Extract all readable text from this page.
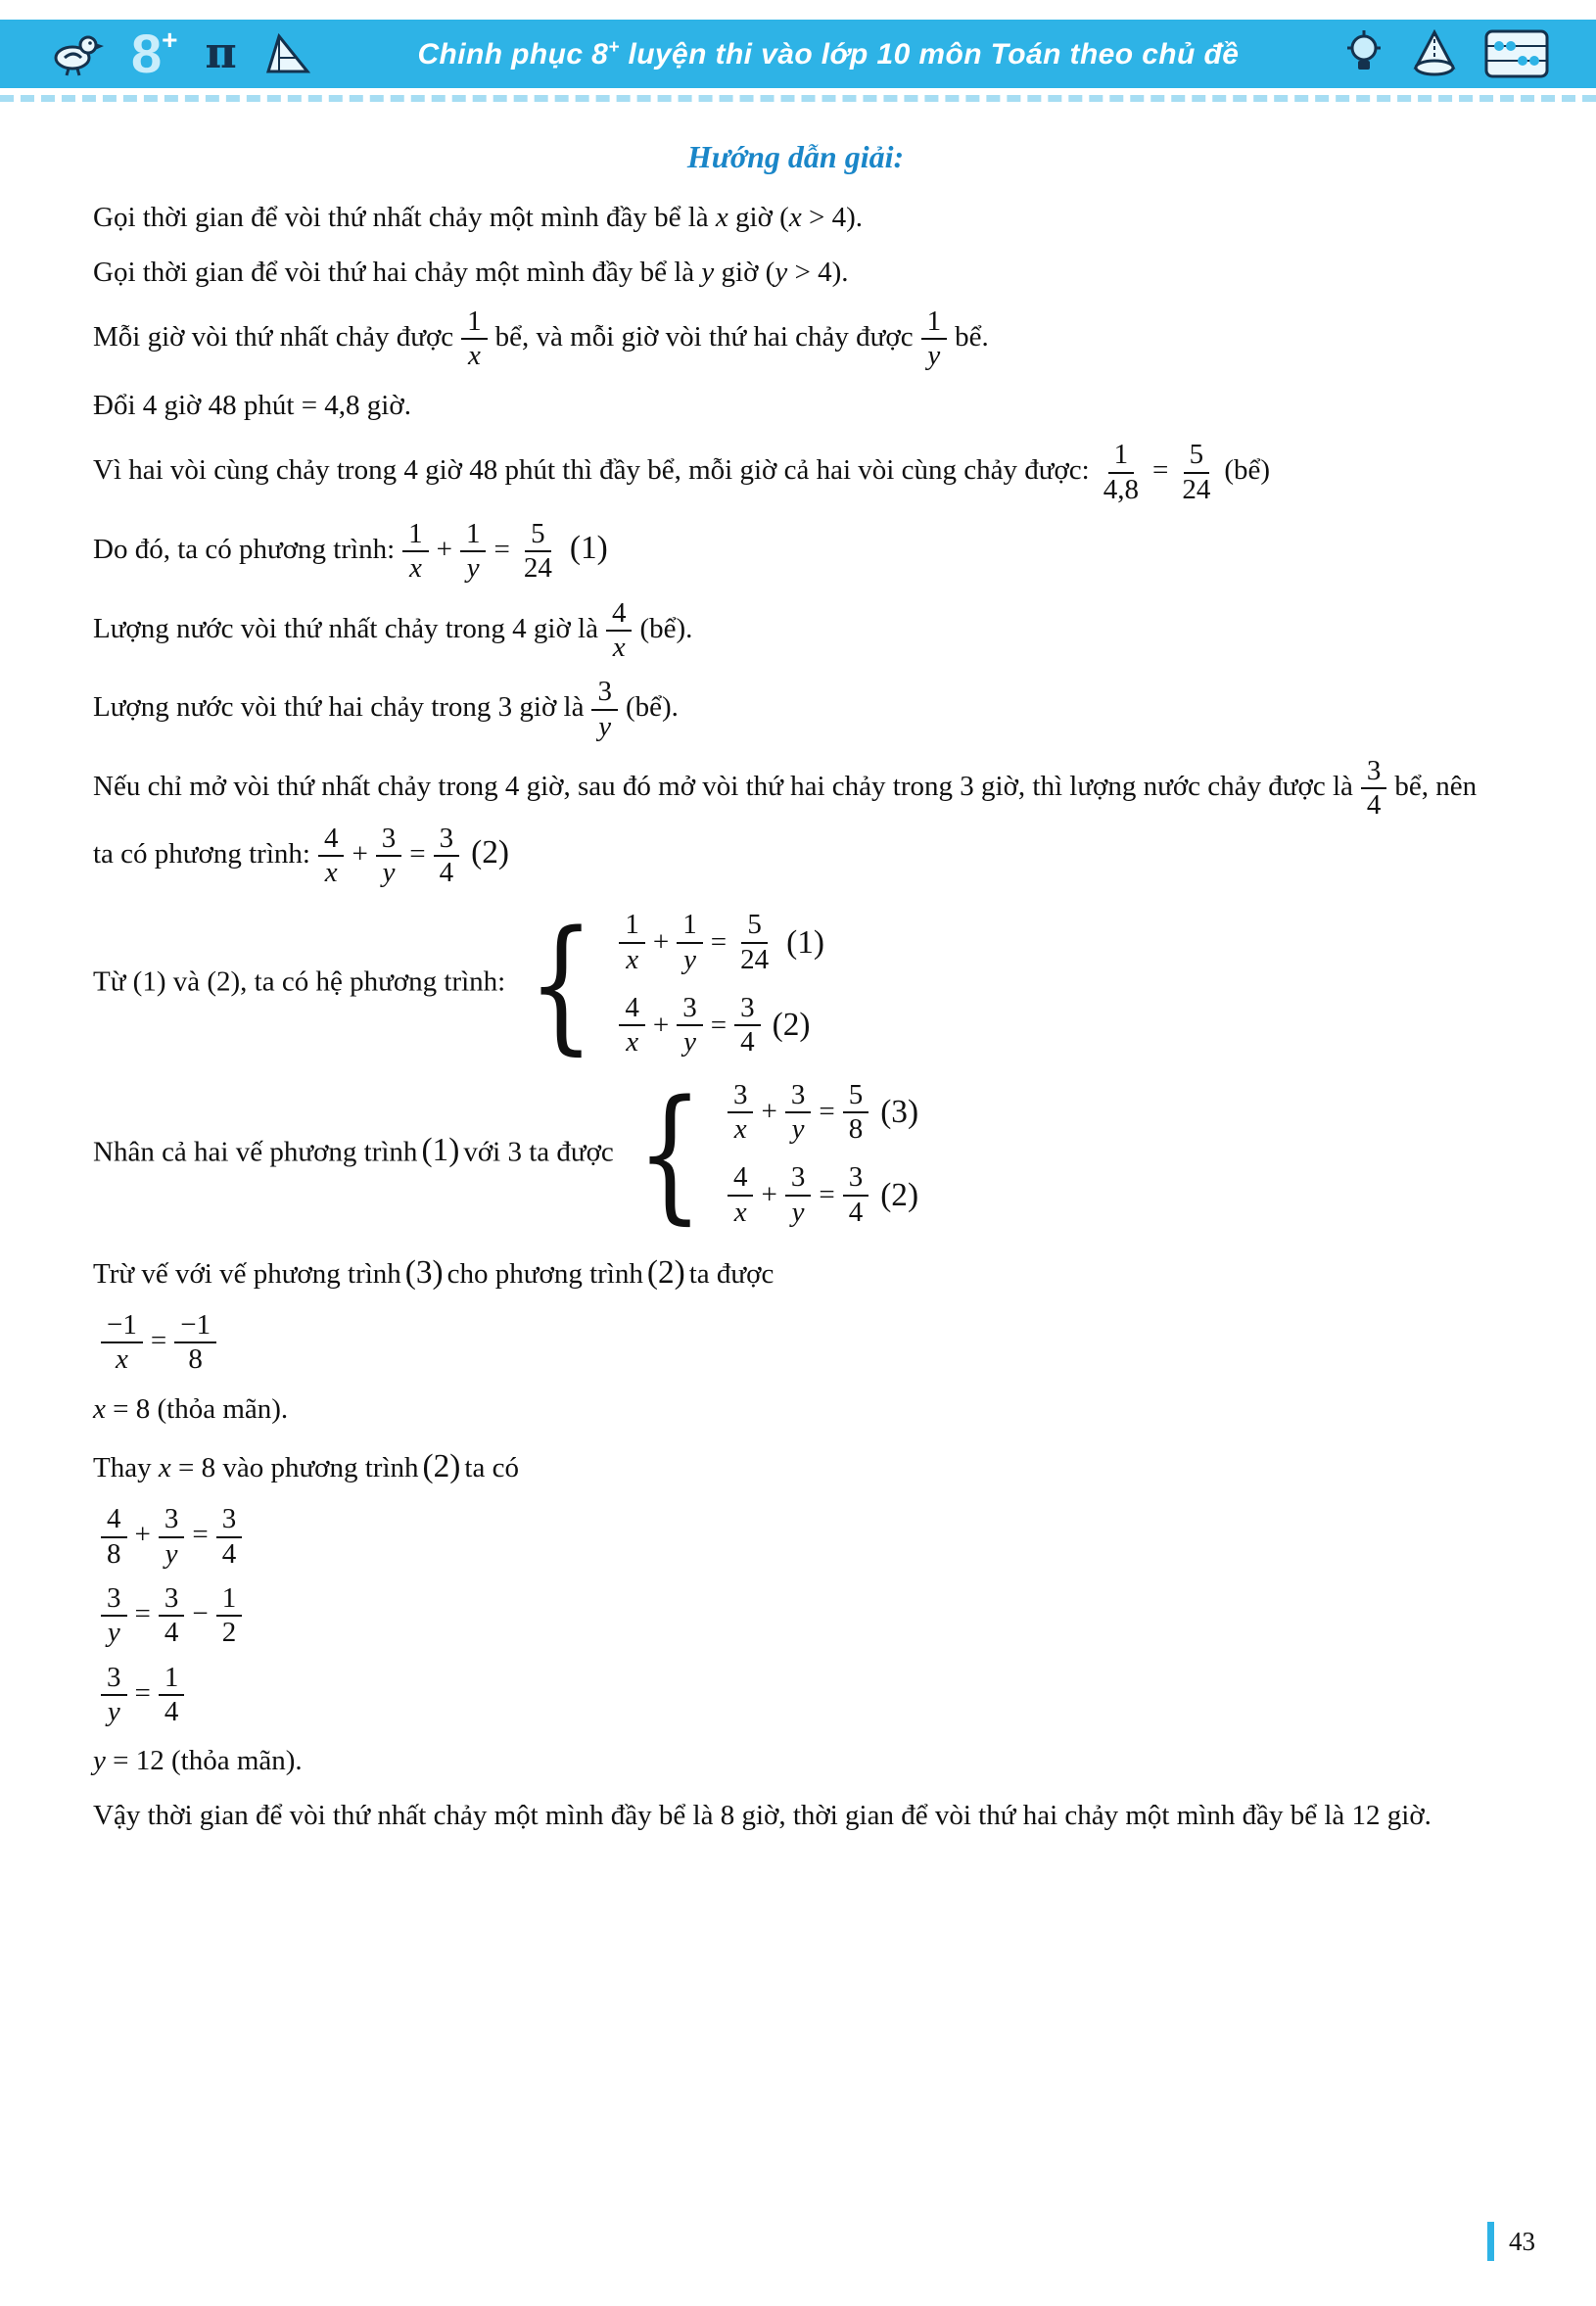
8 + π	Chinh phục 8+ luyện thi vào lớp 10 môn Toán theo chủ đề
Hướng dẫn giải:
Gọi thời gian để vòi thứ nhất chảy một mình đầy bể là x giờ (x > 4).
Gọi thời gian để vòi thứ hai chảy một mình đầy bể là y giờ (y > 4).
Mỗi giờ vòi thứ nhất chảy được $\frac{1}{x}$ bể, và mỗi giờ vòi thứ hai chảy được $\frac{1}{y}$ bể.
Đổi 4 giờ 48 phút = 4,8 giờ.
Vì hai vòi cùng chảy trong 4 giờ 48 phút thì đầy bể, mỗi giờ cả hai vòi cùng chảy được: $\frac{1}{4,8} = \frac{5}{24}$ (bể)
Do đó, ta có phương trình: $\frac{1}{x} + \frac{1}{y} = \frac{5}{24} (1)$
Lượng nước vòi thứ nhất chảy trong 4 giờ là $\frac{4}{x}$ (bể).
Lượng nước vòi thứ hai chảy trong 3 giờ là $\frac{3}{y}$ (bể).
Nếu chỉ mở vòi thứ nhất chảy trong 4 giờ, sau đó mở vòi thứ hai chảy trong 3 giờ, thì lượng nước chảy được là $\frac{3}{4}$ bể, nên ta có phương trình: $\frac{4}{x} + \frac{3}{y} = \frac{3}{4} (2)$
Từ (1) và (2), ta có hệ phương trình: { $\frac{1}{x} + \frac{1}{y} = \frac{5}{24} (1)$
$\frac{4}{x} + \frac{3}{y} = \frac{3}{4} (2)$
Nhân cả hai vế phương trình (1) với 3 ta được { $\frac{3}{x} + \frac{3}{y} = \frac{5}{8} (3)$
$\frac{4}{x} + \frac{3}{y} = \frac{3}{4} (2)$
Trừ vế với vế phương trình (3) cho phương trình (2) ta được
$\frac{-1}{x} = \frac{-1}{8}$
x = 8 (thỏa mãn).
Thay x = 8 vào phương trình (2) ta có
$\frac{4}{8} + \frac{3}{y} = \frac{3}{4}$
$\frac{3}{y} = \frac{3}{4} - \frac{1}{2}$
$\frac{3}{y} = \frac{1}{4}$
y = 12 (thỏa mãn).
Vậy thời gian để vòi thứ nhất chảy một mình đầy bể là 8 giờ, thời gian để vòi thứ hai chảy một mình đầy bể là 12 giờ.
43
